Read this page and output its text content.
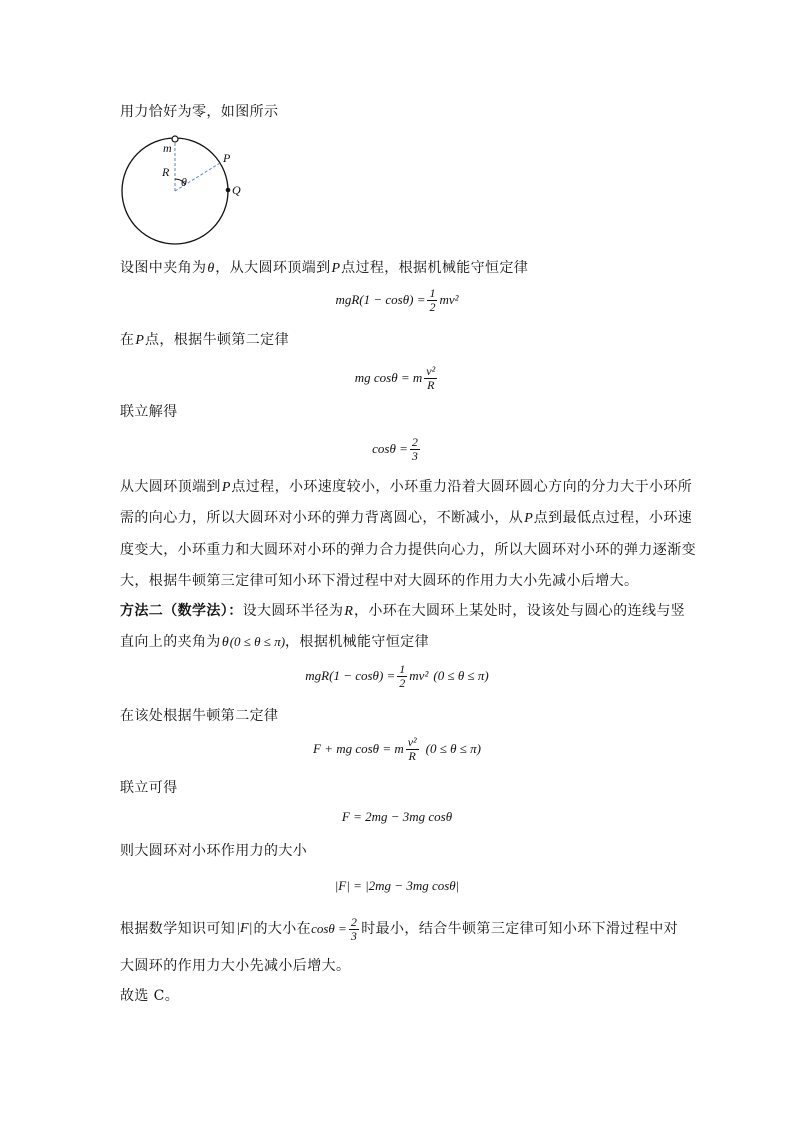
用力恰好为零，如图所示
m
R
θ
P
Q
设图中夹角为θ，从大圆环顶端到P点过程，根据机械能守恒定律
$mgR(1 - \cos\theta) = \frac{1}{2} mv^2$
在P点，根据牛顿第二定律
mg cosθ = m $\frac{\text{v²}}{R}$
联立解得
$\cos\theta = \frac{2}{3}$
从大圆环顶端到P点过程，小环速度较小，小环重力沿着大圆环圆心方向的分力大于小环所
需的向心力，所以大圆环对小环的弹力背离圆心，不断减小，从P点到最低点过程，小环速
度变大，小环重力和大圆环对小环的弹力合力提供向心力，所以大圆环对小环的弹力逐渐变
大，根据牛顿第三定律可知小环下滑过程中对大圆环的作用力大小先减小后增大。
方法二（数学法）：设大圆环半径为R，小环在大圆环上某处时，设该处与圆心的连线与竖
直向上的夹角为θ(0 ≤ θ ≤ π)，根据机械能守恒定律
$mgR(1 - \cos\theta) = \frac{1}{2} mv^2$ (0 ≤ θ ≤ π)
在该处根据牛顿第二定律
F + mg cosθ = m $\frac{\text{v²}}{R} (0 \le \theta \le \pi)$
联立可得
F = 2mg − 3mg cosθ
则大圆环对小环作用力的大小
|F| = |2mg − 3mg cosθ|
根据数学知识可知 |F| 的大小在 $\cos\theta = \frac{2}{3}$ 时最小，结合牛顿第三定律可知小环下滑过程中对
大圆环的作用力大小先减小后增大。
故选 C。
